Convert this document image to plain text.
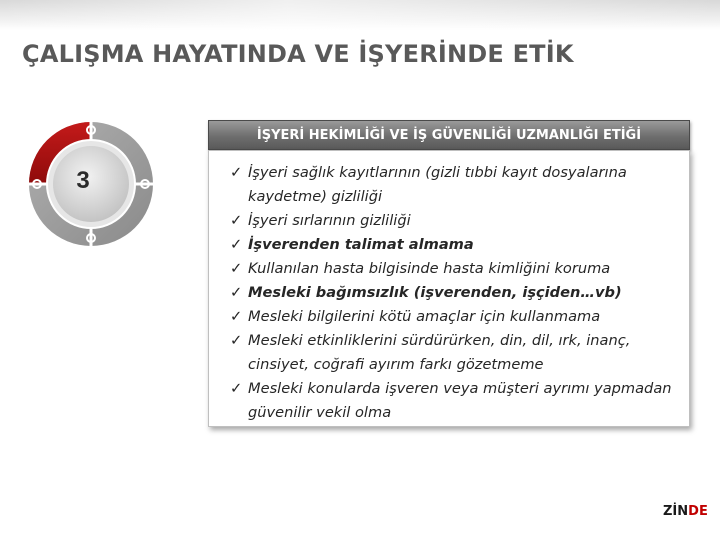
ÇALIŞMA HAYATINDA VE İŞYERİNDE ETİK
3
İŞYERİ HEKİMLİĞİ VE İŞ GÜVENLİĞİ UZMANLIĞI ETİĞİ
✓ İşyeri sağlık kayıtlarının (gizli tıbbi kayıt dosyalarına kaydetme) gizliliği
✓ İşyeri sırlarının gizliliği
✓ İşverenden talimat almama
✓ Kullanılan hasta bilgisinde hasta kimliğini koruma
✓ Mesleki bağımsızlık (işverenden, işçiden…vb)
✓ Mesleki bilgilerini kötü amaçlar için kullanmama
✓ Mesleki etkinliklerini sürdürürken, din, dil, ırk, inanç, cinsiyet, coğrafi ayırım farkı gözetmeme
✓ Mesleki konularda işveren veya müşteri ayrımı yapmadan güvenilir vekil olma
ZİNDE
